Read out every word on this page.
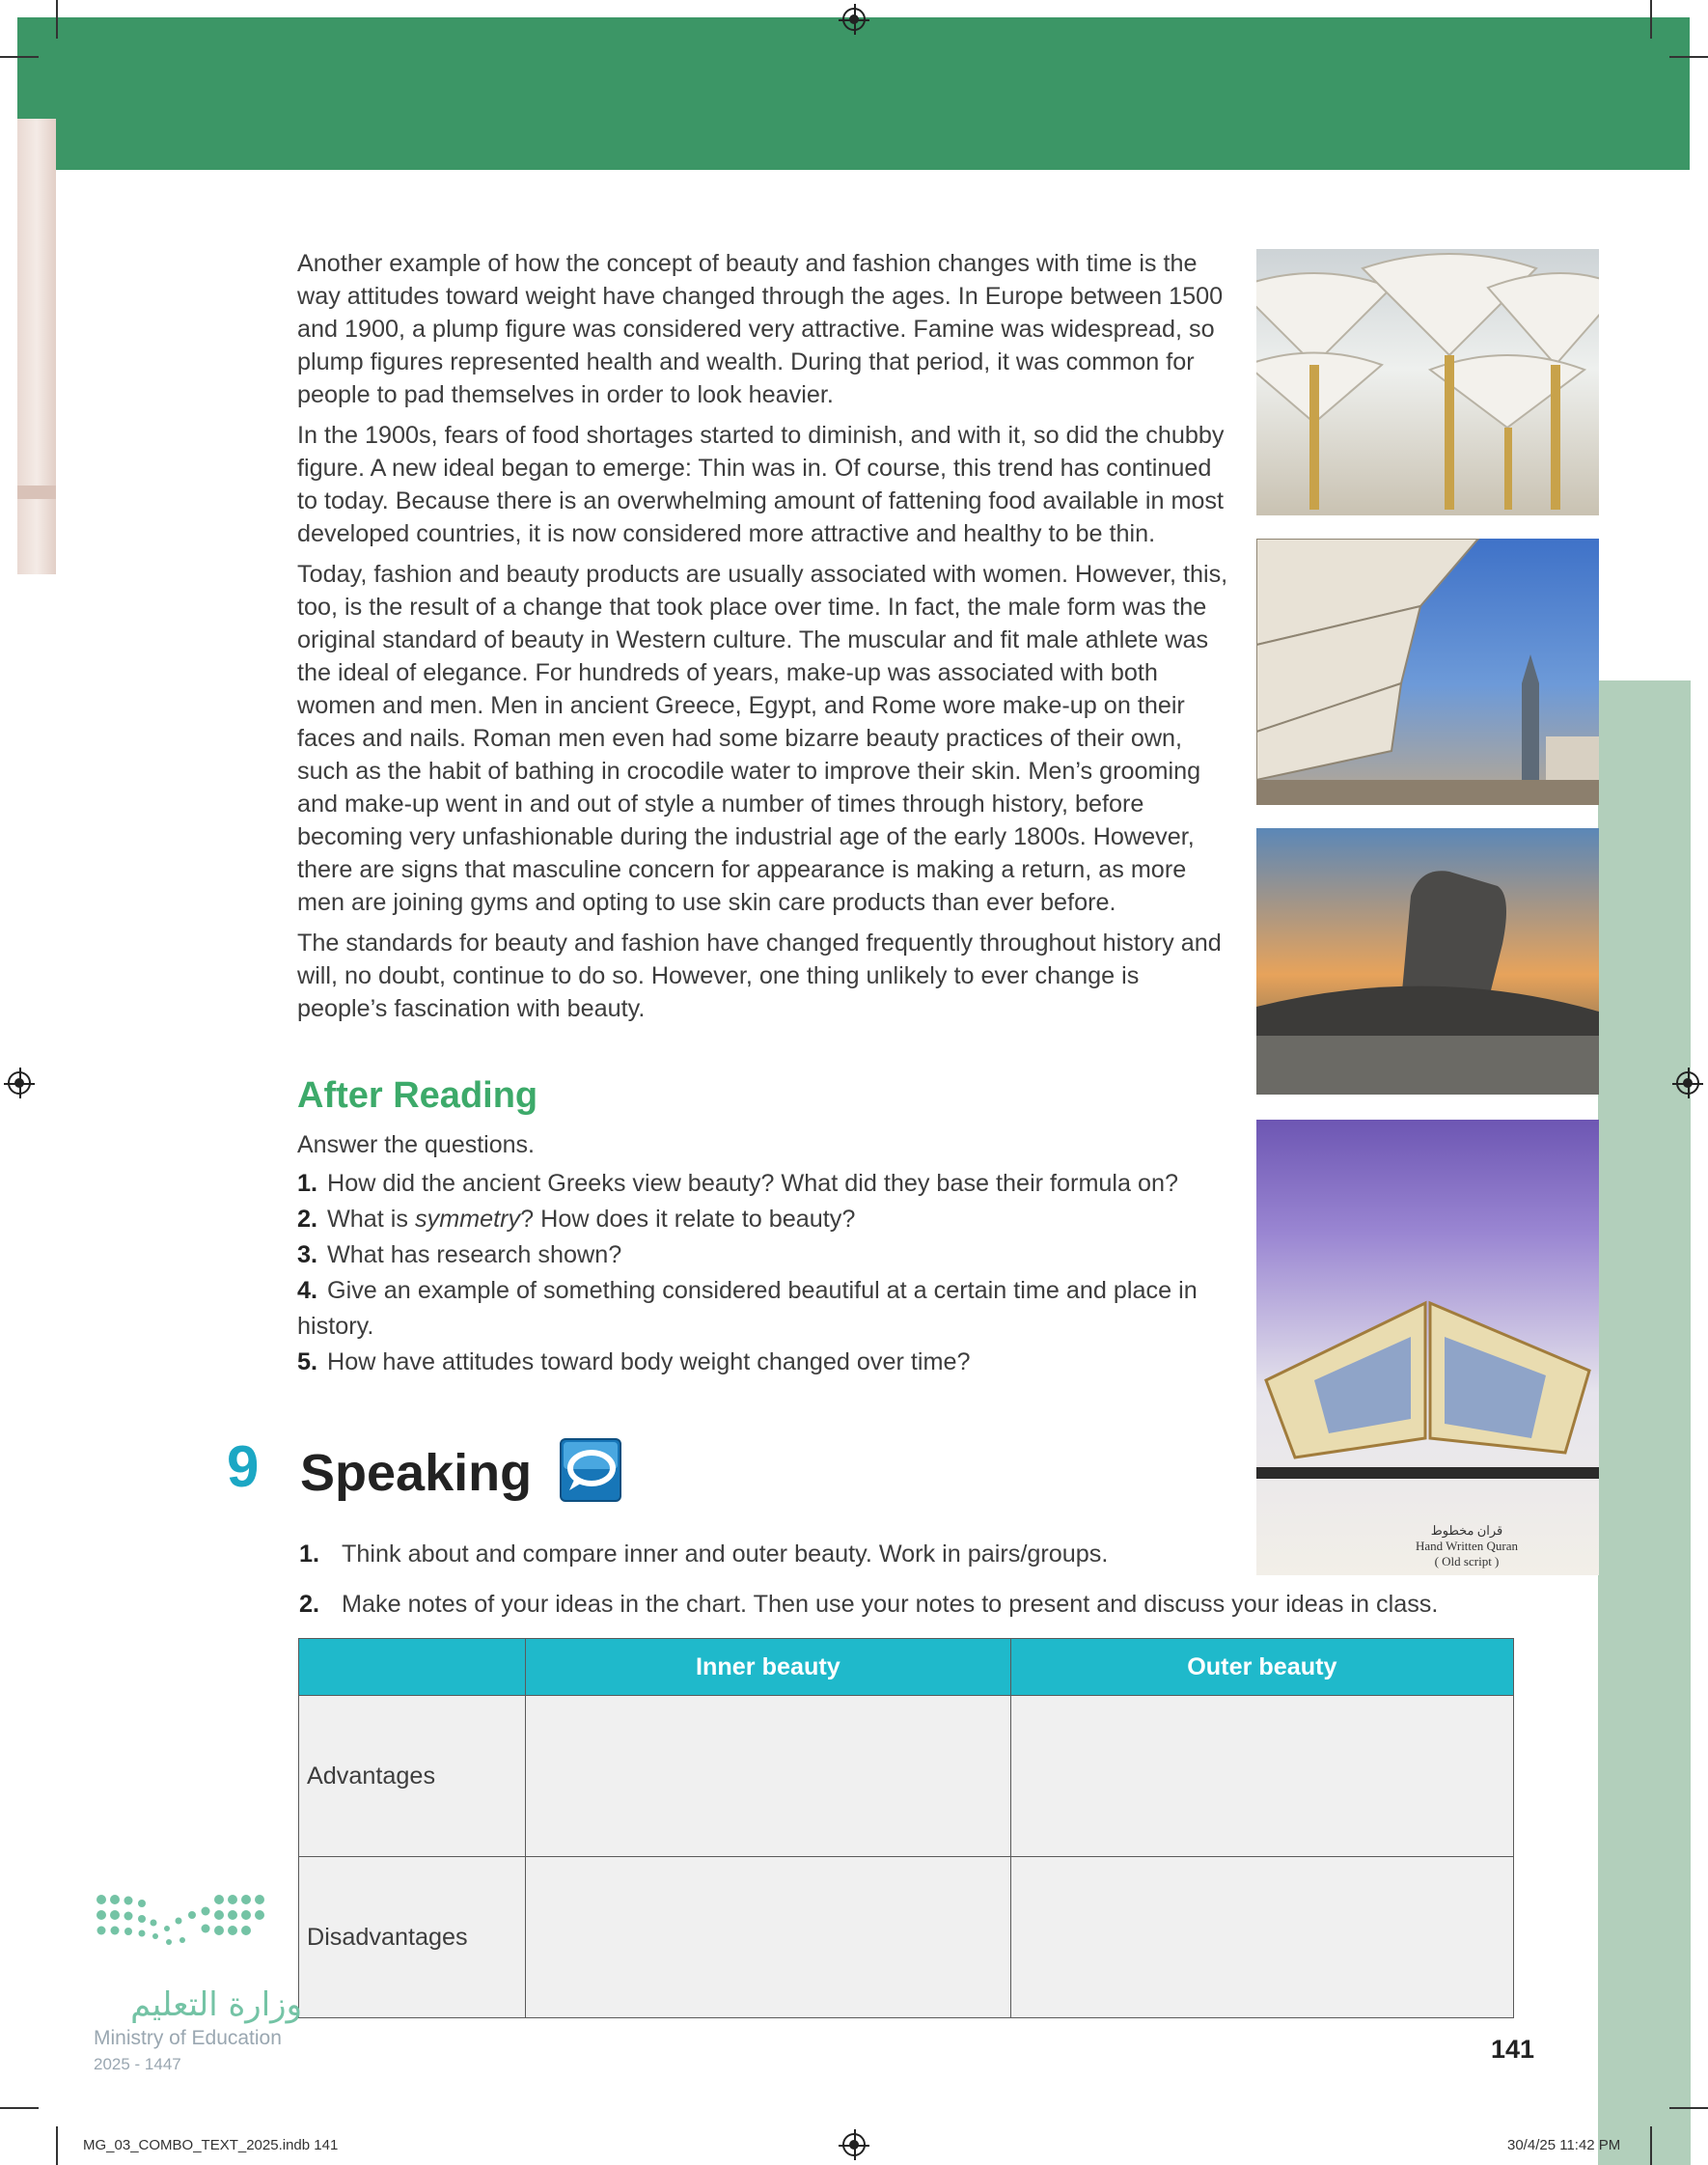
Another example of how the concept of beauty and fashion changes with time is the way attitudes toward weight have changed through the ages. In Europe between 1500 and 1900, a plump figure was considered very attractive. Famine was widespread, so plump figures represented health and wealth. During that period, it was common for people to pad themselves in order to look heavier.

In the 1900s, fears of food shortages started to diminish, and with it, so did the chubby figure. A new ideal began to emerge: Thin was in. Of course, this trend has continued to today. Because there is an overwhelming amount of fattening food available in most developed countries, it is now considered more attractive and healthy to be thin.

Today, fashion and beauty products are usually associated with women. However, this, too, is the result of a change that took place over time. In fact, the male form was the original standard of beauty in Western culture. The muscular and fit male athlete was the ideal of elegance. For hundreds of years, make-up was associated with both women and men. Men in ancient Greece, Egypt, and Rome wore make-up on their faces and nails. Roman men even had some bizarre beauty practices of their own, such as the habit of bathing in crocodile water to improve their skin. Men’s grooming and make-up went in and out of style a number of times through history, before becoming very unfashionable during the industrial age of the early 1800s. However, there are signs that masculine concern for appearance is making a return, as more men are joining gyms and opting to use skin care products than ever before.

The standards for beauty and fashion have changed frequently throughout history and will, no doubt, continue to do so. However, one thing unlikely to ever change is people’s fascination with beauty.

قران مخطوط
Hand Written Quran
( Old script )
After Reading
Answer the questions.

1. How did the ancient Greeks view beauty? What did they base their formula on?

2. What is symmetry? How does it relate to beauty?

3. What has research shown?

4. Give an example of something considered beautiful at a certain time and place in history.

5. How have attitudes toward body weight changed over time?

9 Speaking
1. Think about and compare inner and outer beauty. Work in pairs/groups.
2. Make notes of your ideas in the chart. Then use your notes to present and discuss your ideas in class.
	Inner beauty	Outer beauty
Advantages		
Disadvantages		
وزارة التعليم
Ministry of Education
2025 - 1447
141
MG_03_COMBO_TEXT_2025.indb 141	30/4/25 11:42 PM
